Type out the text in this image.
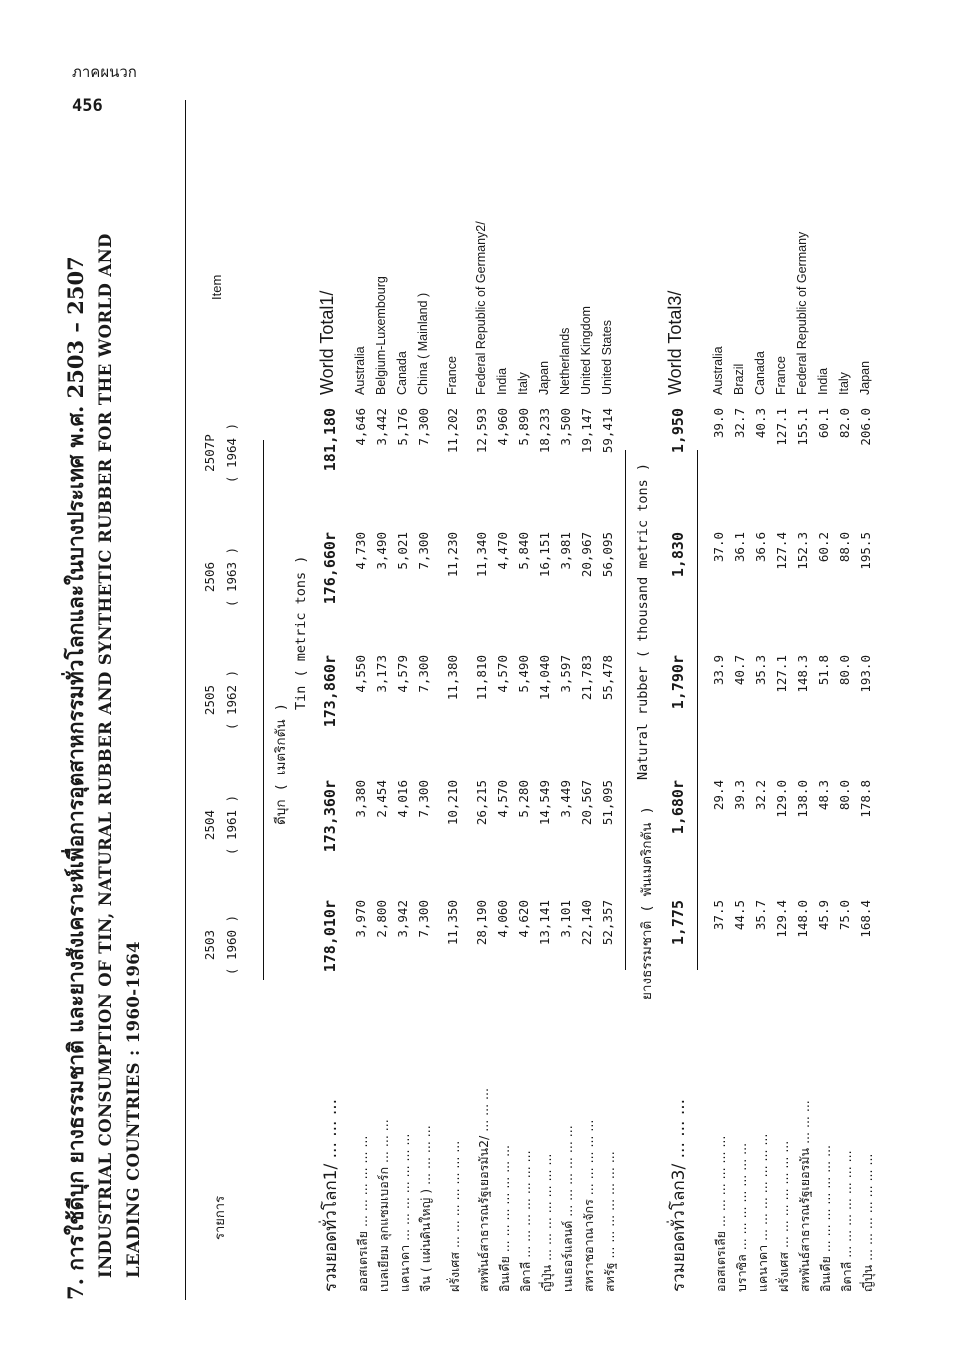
ภาคผนวก
456
7. การใช้ดีบุก ยางธรรมชาติ และยางสังเคราะห์เพื่อการอุตสาหกรรมทั่วโลกและในบางประเทศ พ.ศ. 2503 – 2507 INDUSTRIAL CONSUMPTION OF TIN, NATURAL RUBBER AND SYNTHETIC RUBBER FOR THE WORLD AND LEADING COUNTRIES : 1960-1964	รายการ
2503 ( 1960 )
2504 ( 1961 )
2505 ( 1962 )
2506 ( 1963 )
2507P ( 1964 )
Item
ดีบุก ( เมตริกตัน )
Tin ( metric tons )
รวมยอดทั่วโลก1/ ... ... ...
178,010r
173,360r
173,860r
176,660r
181,180
World Total1/
ออสเตรเลีย ... ... ... ... ... ...
3,970
3,380
4,550
4,730
4,646
Australia
เบลเยียม ลุกแซมเบอร์ก ... ... ...
2,800
2,454
3,173
3,490
3,442
Belgium-Luxembourg
แคนาดา ... ... ... ... ... ... ...
3,942
4,016
4,579
5,021
5,176
Canada
จีน ( แผ่นดินใหญ่ ) ... ... ... ...
7,300
7,300
7,300
7,300
7,300
China ( Mainland )
ฝรั่งเศส ... ... ... ... ... ... ...
11,350
10,210
11,380
11,230
11,202
France
สหพันธ์สาธารณรัฐเยอรมัน2/ ... ... ...
28,190
26,215
11,810
11,340
12,593
Federal Republic of Germany2/
อินเดีย ... ... ... ... ... ... ...
4,060
4,570
4,570
4,470
4,960
India
อิตาลี ... ... ... ... ... ... ...
4,620
5,280
5,490
5,840
5,890
Italy
ญี่ปุ่น ... ... ... ... ... ... ...
13,141
14,549
14,040
16,151
18,233
Japan
เนเธอร์แลนด์ ... ... ... ... ... ...
3,101
3,449
3,597
3,981
3,500
Netherlands
สหราชอาณาจักร ... ... ... ... ...
22,140
20,567
21,783
20,967
19,147
United Kingdom
สหรัฐ ... ... ... ... ... ... ...
52,357
51,095
55,478
56,095
59,414
United States
ยางธรรมชาติ ( พันเมตริกตัน )
Natural rubber ( thousand metric tons )
รวมยอดทั่วโลก3/ ... ... ...
1,775
1,680r
1,790r
1,830
1,950
World Total3/
ออสเตรเลีย ... ... ... ... ... ...
37.5
29.4
33.9
37.0
39.0
Australia
บราซิล ... ... ... ... ... ... ...
44.5
39.3
40.7
36.1
32.7
Brazil
แคนาดา ... ... ... ... ... ... ...
35.7
32.2
35.3
36.6
40.3
Canada
ฝรั่งเศส ... ... ... ... ... ... ...
129.4
129.0
127.1
127.4
127.1
France
สหพันธ์สาธารณรัฐเยอรมัน ... ... ...
148.0
138.0
148.3
152.3
155.1
Federal Republic of Germany
อินเดีย ... ... ... ... ... ... ...
45.9
48.3
51.8
60.2
60.1
India
อิตาลี ... ... ... ... ... ... ...
75.0
80.0
80.0
88.0
82.0
Italy
ญี่ปุ่น ... ... ... ... ... ... ...
168.4
178.8
193.0
195.5
206.0
Japan
